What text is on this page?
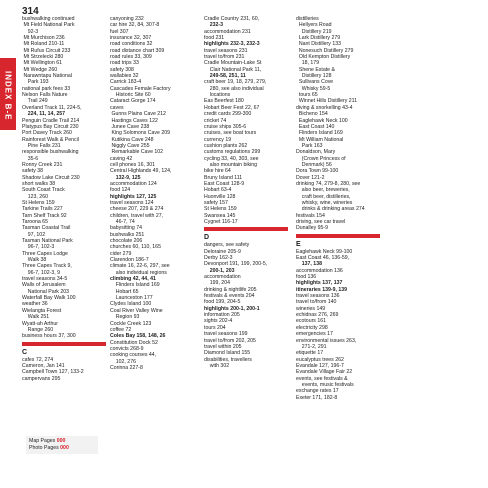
314
INDEX B-E
bushwalking continued
Mt Field National Park
92-3
Mt Murchison 236
Mt Roland 210-11
Mt Rufus Circuit 233
Mt Strzelecki 280
Mt Wellington 61
Mt Wedge 260
Narawntapu National
Park 193
national park fees 33
Nelson Falls Nature
Trail 249
Overland Track 11, 224-5,
224, 11, 14, 257
Penguin Cradle Trail 214
Platypus Bay Circuit 230
Port Davey Track 260
Rainforest Walk & Pencil
Pine Falls 231
responsible bushwalking
35-6
Ronny Creek 231
safety 38
Shadow Lake Circuit 230
short walks 38
South Coast Track
123, 260
St Helens 159
Tarkine Trails 227
Tarn Shelf Track 92
Taroona 65
Tasman Coastal Trail
97, 102
Tasman National Park
96-7, 102-3
Three Capes Lodge
Walk 38
Three Capes Track 9,
96-7, 102-3, 9
travel seasons 34-5
Walls of Jerusalem
National Park 203
Waterfall Bay Walk 100
weather 36
Wielangta Forest
Walk 251
Wyatt-ah Arthur
Range 260
business hours 37, 300
C
cafes 72, 274
Cameron, Jan 141
Campbell Town 127, 133-2
campervans 295
canyoning 232
car hire 32, 84, 307-8
fuel 307
insurance 32, 307
road conditions 32
road distance chart 309
road rules 33, 309
road trips 33
safety 308
wallabies 32
Carrick 183-4
Cascades Female Factory
Historic Site 60
Cataract Gorge 174
caves
Gunns Plains Cave 212
Hastings Caves 122
Junee Cave 238
King Solomons Cave 209
Kutikina Cave 248
Niggly Cave 255
Remarkable Cave 102
caving 42
cell phones 16, 301
Central Highlands 49, 124,
132-9, 125
accommodation 124
food 124
highlights 127, 125
travel seasons 124
cheese 207, 229 & 274
children, travel with 27,
46-7, 74
babysitting 74
bushwalks 251
chocolate 206
churches 60, 110, 165
cider 279
Clarendon 186-7
climate 16, 22-6, 297, see
also individual regions
climbing 42, 44, 41
Flinders Island 169
Hobart 65
Launceston 177
Clydes Island 100
Coal River Valley Wine
Region 93
Cockle Creek 123
coffee 72
Coles Bay 158, 148, 26
Constitution Dock 52
convicts 268-9
cooking courses 44,
102, 276
Corinna 227-8
Cradle Country 231, 60,
232-3
accommodation 231
food 231
highlights 232-3, 232-3
travel seasons 231
travel to/from 231
Cradle Mountain-Lake St
Clair National Park 11,
249-58, 251, 11
craft beer 19, 18, 279, 279,
280, see also individual
locations
Eas Beerfest 180
Hobart Beer Fest 22, 67
credit cards 299-300
cricket 74
cruise ships 305-6
cruises, see boat tours
currency 19
cushion plants 262
customs regulations 299
cycling 33, 40, 303, see
also mountain biking
bike hire 64
Bruny Island 111
East Coast 128-9
Hobart 63-4
Huonville 128
safety 157
St Helens 159
Swansea 145
Cygnet 116-17
D
dangers, see safety
Deloraine 205-9
Derby 162-3
Devonport 191, 199, 200-5,
200-1, 203
accommodation
199, 204
drinking & nightlife 205
festivals & events 204
food 199, 204-5
highlights 200-1, 200-1
information 205
sights 202-4
tours 204
travel seasons 199
travel to/from 202, 205
travel within 205
Diamond Island 155
disabilities, travellers
with 302
distilleries
Hellyers Road
Distillery 219
Lark Distillery 279
Nant Distillery 133
Nonesuch Distillery 279
Old Kempton Distillery
18, 179
Shene Estate &
Distillery 128
Sullivans Cove
Whisky 59-5
tours 65
Winnet Hills Distillery 211
diving & snorkelling 43-4
Bicheno 154
Eaglehawk Neck 100
East Coast 140
Flinders Island 169
Mt William National
Park 163
Donaldson, Mary
(Crown Princess of
Denmark) 56
Dora Town 99-100
Dover 121-2
drinking 74, 279-8, 280, see
also beer, breweries,
craft beer, distilleries,
whisky, wine, wineries
drinks & drinking areas 274
festivals 154
driving, see car travel
Dunalley 95-9
E
Eaglehawk Neck 99-100
East Coast 46, 136-59,
137, 138
accommodation 136
food 136
highlights 137, 137
itineraries 139-9, 139
travel seasons 136
travel to/from 140
wineries 149
echidnas 276, 269
ecotours 161
electricity 298
emergencies 17
environmental issues 263,
271-2, 291
etiquette 17
eucalyptus trees 262
Evandale 127, 196-7
Evandale Village Fair 22
events, see festivals &
events, music festivals
exchange rates 17
Exeter 171, 182-8
Map Pages 000
Photo Pages 000
